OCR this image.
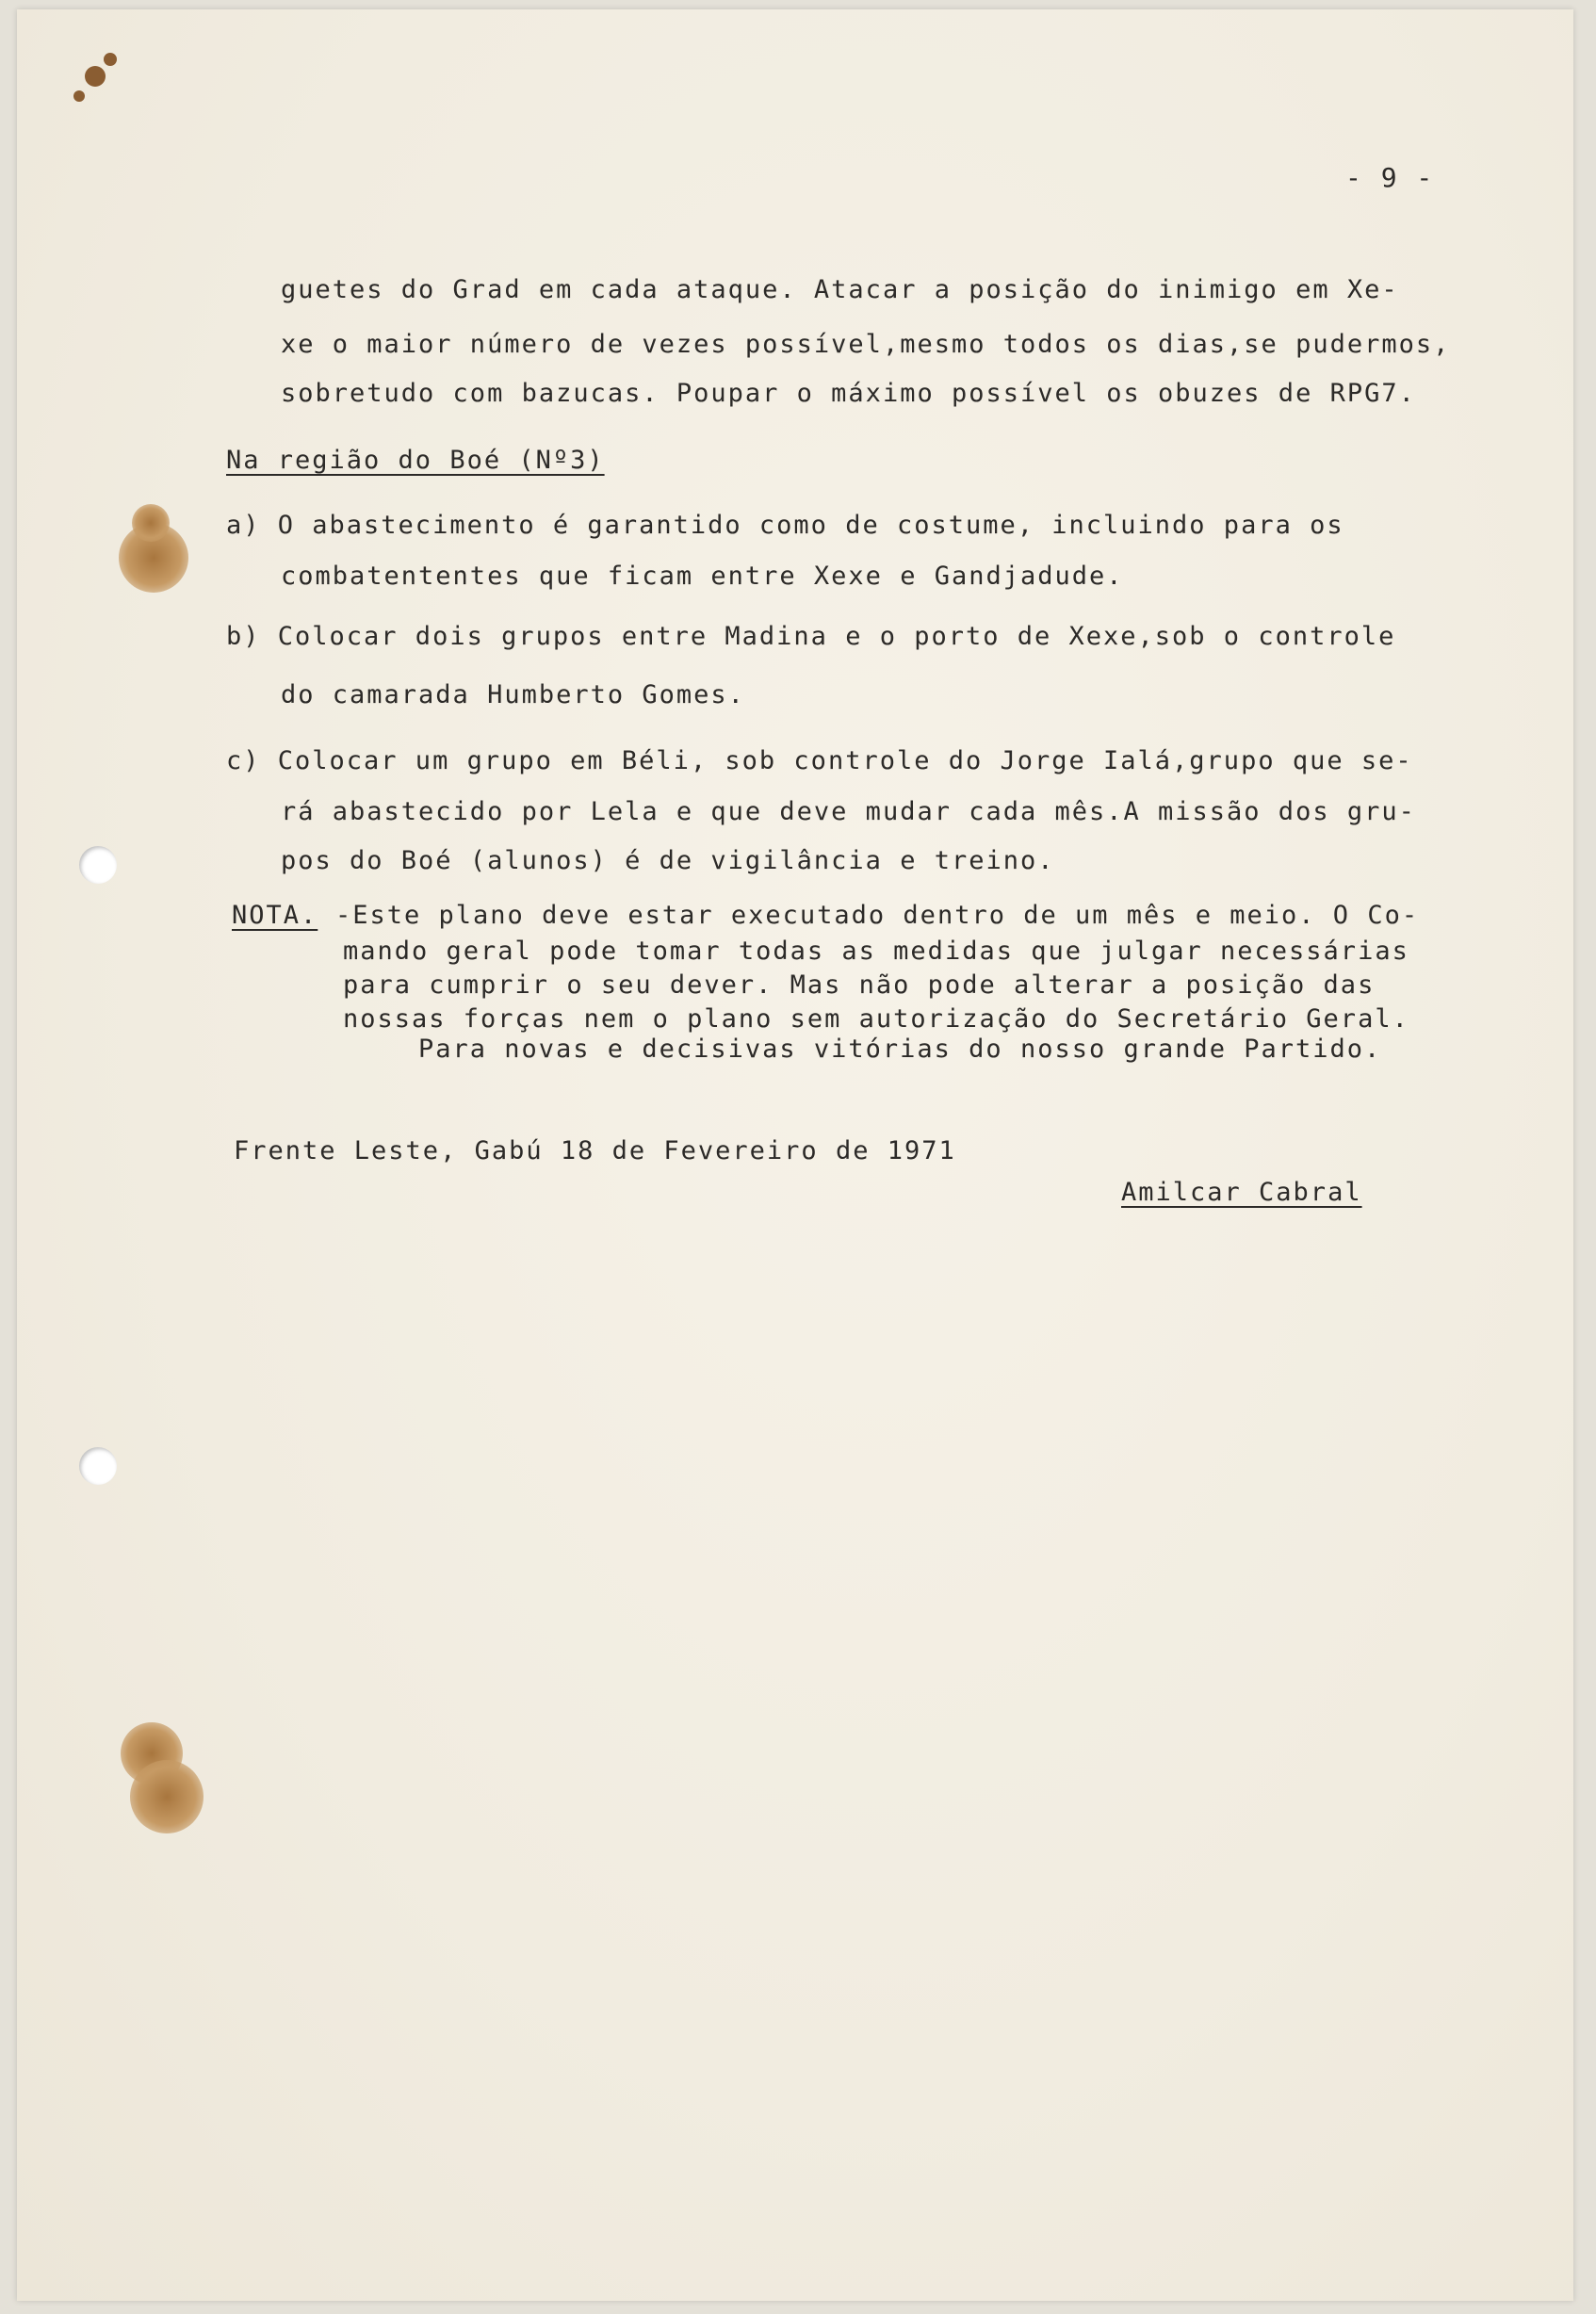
- 9 -

guetes do Grad em cada ataque. Atacar a posição do inimigo em Xe-

xe o maior número de vezes possível,mesmo todos os dias,se pudermos,

sobretudo com bazucas. Poupar o máximo possível os obuzes de RPG7.

Na região do Boé (Nº3)

a) O abastecimento é garantido como de costume, incluindo para os

combatententes que ficam entre Xexe e Gandjadude.

b) Colocar dois grupos entre Madina e o porto de Xexe,sob o controle

do camarada Humberto Gomes.

c) Colocar um grupo em Béli, sob controle do Jorge Ialá,grupo que se-

rá abastecido por Lela e que deve mudar cada mês.A missão dos gru-

pos do Boé (alunos) é de vigilância e treino.

NOTA. -Este plano deve estar executado dentro de um mês e meio. O Co-

mando geral pode tomar todas as medidas que julgar necessárias

para cumprir o seu dever. Mas não pode alterar a posição das

nossas forças nem o plano sem autorização do Secretário Geral.

Para novas e decisivas vitórias do nosso grande Partido.

Frente Leste, Gabú 18 de Fevereiro de 1971

Amilcar Cabral
